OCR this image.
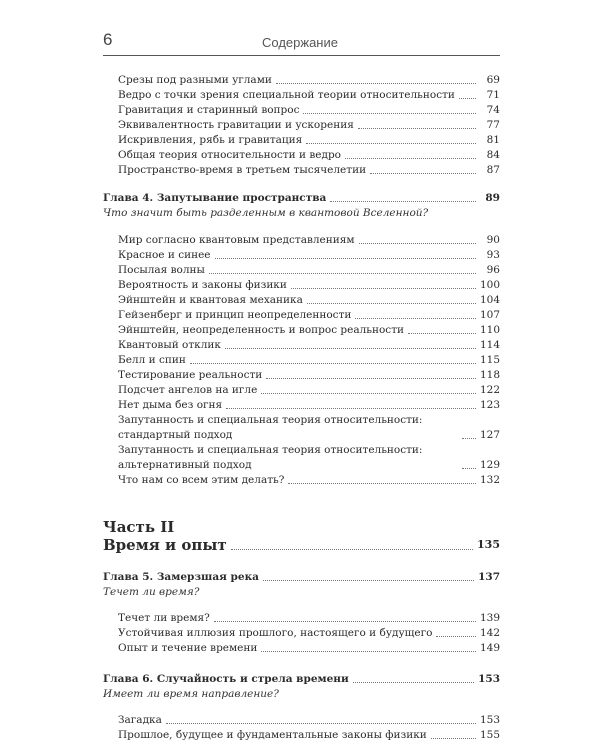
6	Содержание
Срезы под разными углами	69
Ведро с точки зрения специальной теории относительности	71
Гравитация и старинный вопрос	74
Эквивалентность гравитации и ускорения	77
Искривления, рябь и гравитация	81
Общая теория относительности и ведро	84
Пространство-время в третьем тысячелетии	87
Глава 4. Запутывание пространства	89
Что значит быть разделенным в квантовой Вселенной?
Мир согласно квантовым представлениям	90
Красное и синее	93
Посылая волны	96
Вероятность и законы физики	100
Эйнштейн и квантовая механика	104
Гейзенберг и принцип неопределенности	107
Эйнштейн, неопределенность и вопрос реальности	110
Квантовый отклик	114
Белл и спин	115
Тестирование реальности	118
Подсчет ангелов на игле	122
Нет дыма без огня	123
Запутанность и специальная теория относительности: стандартный подход	127
Запутанность и специальная теория относительности: альтернативный подход	129
Что нам со всем этим делать?	132
Часть II
Время и опыт	135
Глава 5. Замерзшая река	137
Течет ли время?
Течет ли время?	139
Устойчивая иллюзия прошлого, настоящего и будущего	142
Опыт и течение времени	149
Глава 6. Случайность и стрела времени	153
Имеет ли время направление?
Загадка	153
Прошлое, будущее и фундаментальные законы физики	155
